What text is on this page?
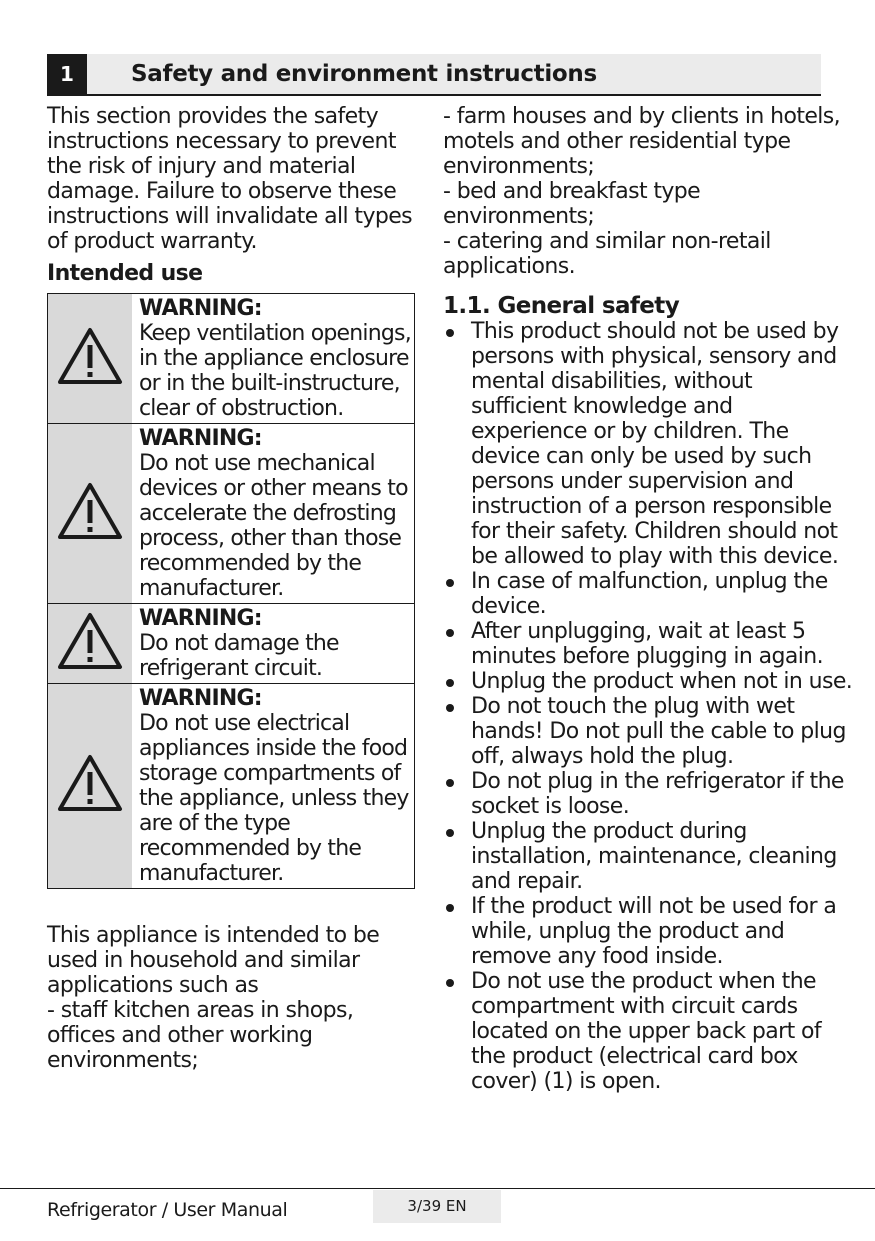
1	Safety and environment instructions

This section provides the safety instructions necessary to prevent the risk of injury and material damage. Failure to observe these instructions will invalidate all types of product warranty.

Intended use

WARNING:
Keep ventilation openings, in the appliance enclosure or in the built-instructure, clear of obstruction.

WARNING:
Do not use mechanical devices or other means to accelerate the defrosting process, other than those recommended by the manufacturer.

WARNING:
Do not damage the refrigerant circuit.

WARNING:
Do not use electrical appliances inside the food storage compartments of the appliance, unless they are of the type recommended by the manufacturer.

This appliance is intended to be used in household and similar applications such as

- staff kitchen areas in shops, offices and other working environments;

- farm houses and by clients in hotels, motels and other residential type environments;

- bed and breakfast type environments;

- catering and similar non-retail applications.

1.1. General safety
This product should not be used by persons with physical, sensory and mental disabilities, without sufficient knowledge and experience or by children. The device can only be used by such persons under supervision and instruction of a person responsible for their safety. Children should not be allowed to play with this device.
In case of malfunction, unplug the device.
After unplugging, wait at least 5 minutes before plugging in again.
Unplug the product when not in use.
Do not touch the plug with wet hands! Do not pull the cable to plug off, always hold the plug.
Do not plug in the refrigerator if the socket is loose.
Unplug the product during installation, maintenance, cleaning and repair.
If the product will not be used for a while, unplug the product and remove any food inside.
Do not use the product when the compartment with circuit cards located on the upper back part of the product (electrical card box cover) (1) is open.
Refrigerator / User Manual	3/39 EN
